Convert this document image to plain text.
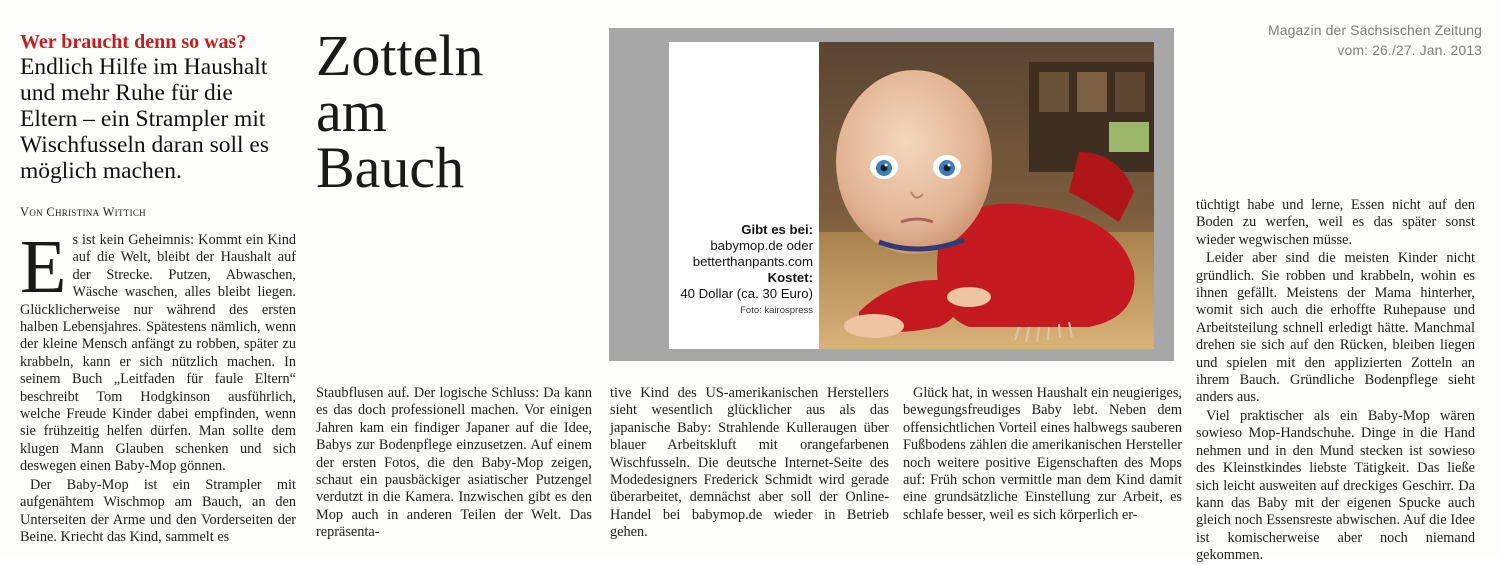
Magazin der Sächsischen Zeitung
vom: 26./27. Jan. 2013
Wer braucht denn so was?
Endlich Hilfe im Haushalt und mehr Ruhe für die Eltern – ein Strampler mit Wischfusseln daran soll es möglich machen.
Von Christina Wittich
Zotteln
am
Bauch
Gibt es bei:
babymop.de oder
betterthanpants.com
Kostet:
40 Dollar (ca. 30 Euro)
Foto: kairospress

Es ist kein Geheimnis: Kommt ein Kind auf die Welt, bleibt der Haushalt auf der Strecke. Putzen, Abwaschen, Wäsche waschen, alles bleibt liegen. Glücklicherweise nur während des ersten halben Lebensjahres. Spätestens nämlich, wenn der kleine Mensch anfängt zu robben, später zu krabbeln, kann er sich nützlich machen. In seinem Buch „Leitfaden für faule Eltern“ beschreibt Tom Hodgkinson ausführlich, welche Freude Kinder dabei empfinden, wenn sie frühzeitig helfen dürfen. Man sollte dem klugen Mann Glauben schenken und sich deswegen einen Baby-Mop gönnen.

Der Baby-Mop ist ein Strampler mit aufgenähtem Wischmop am Bauch, an den Unterseiten der Arme und den Vorderseiten der Beine. Kriecht das Kind, sammelt es

Staubflusen auf. Der logische Schluss: Da kann es das doch professionell machen. Vor einigen Jahren kam ein findiger Japaner auf die Idee, Babys zur Bodenpflege einzusetzen. Auf einem der ersten Fotos, die den Baby-Mop zeigen, schaut ein pausbäckiger asiatischer Putzengel verdutzt in die Kamera. Inzwischen gibt es den Mop auch in anderen Teilen der Welt. Das repräsenta-

tive Kind des US-amerikanischen Herstellers sieht wesentlich glücklicher aus als das japanische Baby: Strahlende Kulleraugen über blauer Arbeitskluft mit orangefarbenen Wischfusseln. Die deutsche Internet-Seite des Modedesigners Frederick Schmidt wird gerade überarbeitet, demnächst aber soll der Online-Handel bei babymop.de wieder in Betrieb gehen.

Glück hat, in wessen Haushalt ein neugieriges, bewegungsfreudiges Baby lebt. Neben dem offensichtlichen Vorteil eines halbwegs sauberen Fußbodens zählen die amerikanischen Hersteller noch weitere positive Eigenschaften des Mops auf: Früh schon vermittle man dem Kind damit eine grundsätzliche Einstellung zur Arbeit, es schlafe besser, weil es sich körperlich er-

tüchtigt habe und lerne, Essen nicht auf den Boden zu werfen, weil es das später sonst wieder wegwischen müsse.

Leider aber sind die meisten Kinder nicht gründlich. Sie robben und krabbeln, wohin es ihnen gefällt. Meistens der Mama hinterher, womit sich auch die erhoffte Ruhepause und Arbeitsteilung schnell erledigt hätte. Manchmal drehen sie sich auf den Rücken, bleiben liegen und spielen mit den applizierten Zotteln an ihrem Bauch. Gründliche Bodenpflege sieht anders aus.

Viel praktischer als ein Baby-Mop wären sowieso Mop-Handschuhe. Dinge in die Hand nehmen und in den Mund stecken ist sowieso des Kleinstkindes liebste Tätigkeit. Das ließe sich leicht ausweiten auf dreckiges Geschirr. Da kann das Baby mit der eigenen Spucke auch gleich noch Essensreste abwischen. Auf die Idee ist komischerweise aber noch niemand gekommen.
